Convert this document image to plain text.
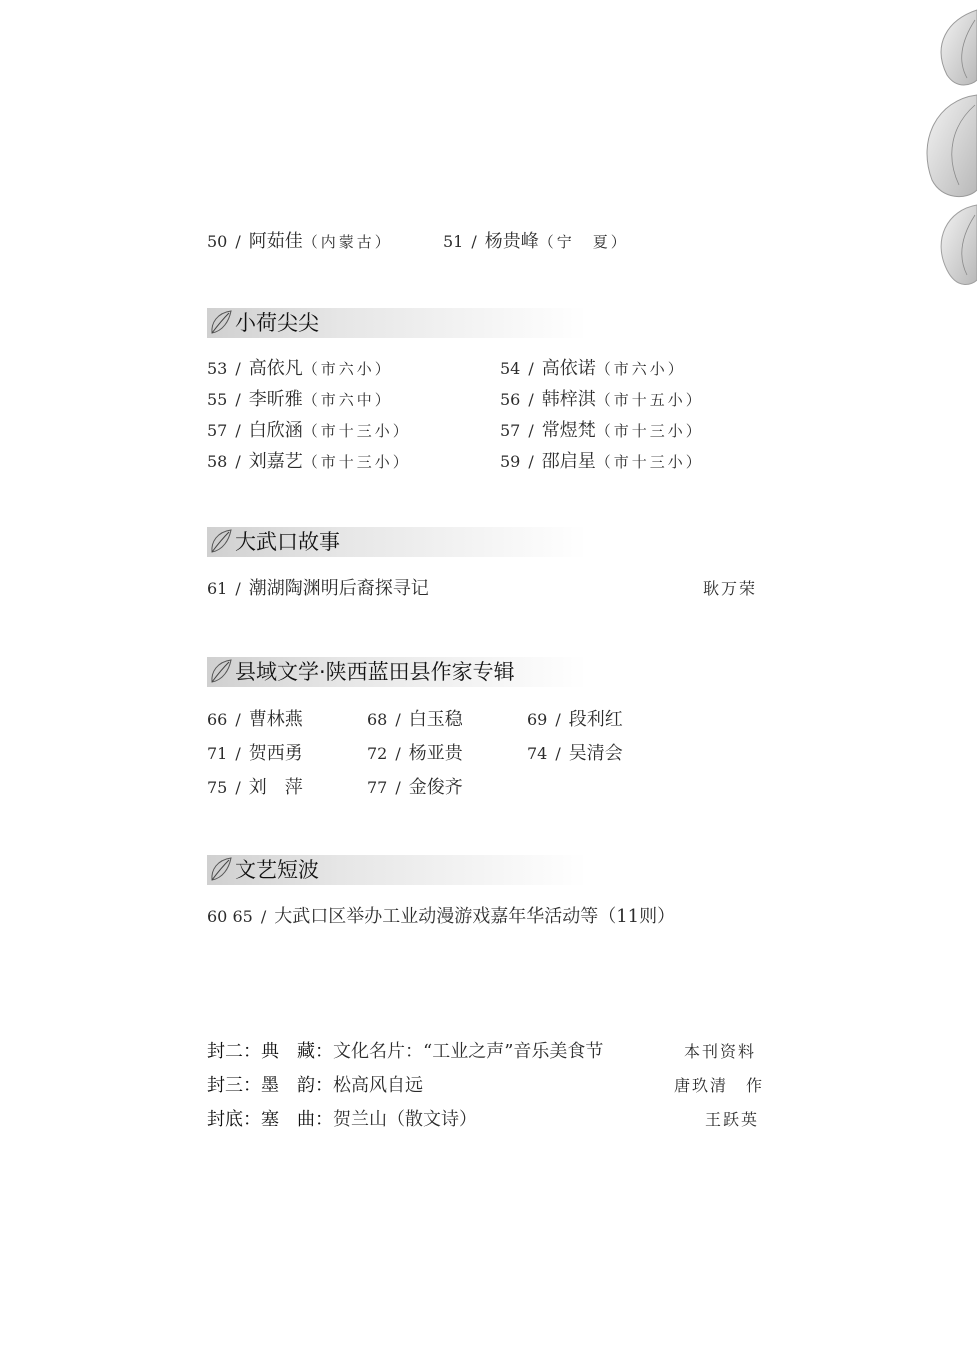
50 / 阿茹佳（内蒙古）	51 / 杨贵峰（宁　夏）
小荷尖尖
53 / 高依凡（市六小）	54 / 高依诺（市六小）
55 / 李昕雅（市六中）	56 / 韩梓淇（市十五小）
57 / 白欣涵（市十三小）	57 / 常煜梵（市十三小）
58 / 刘嘉艺（市十三小）	59 / 邵启星（市十三小）
大武口故事
61 / 潮湖陶渊明后裔探寻记	耿万荣
县域文学·陕西蓝田县作家专辑
66 / 曹林燕	68 / 白玉稳	69 / 段利红
71 / 贺西勇	72 / 杨亚贵	74 / 吴清会
75 / 刘　萍	77 / 金俊齐
文艺短波
60 65 / 大武口区举办工业动漫游戏嘉年华活动等（11则）
封二：典　藏：文化名片：“工业之声”音乐美食节	本刊资料
封三：墨　韵：松高风自远	唐玖清　作
封底：塞　曲：贺兰山（散文诗）	王跃英
